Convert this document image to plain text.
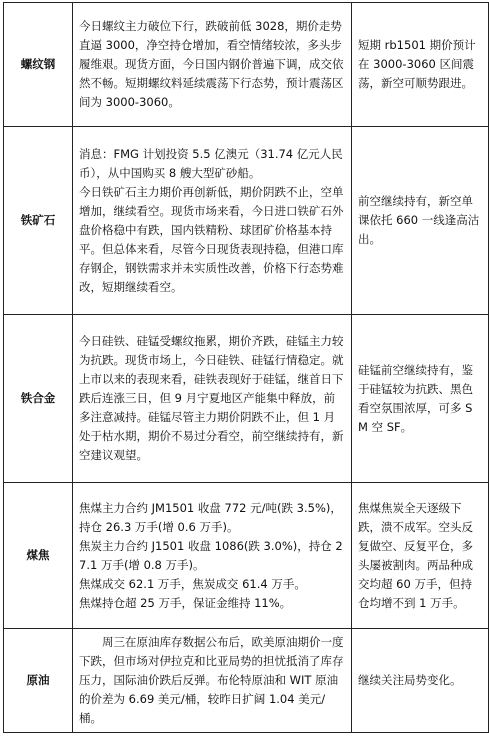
螺纹钢	今日螺纹主力破位下行，跌破前低 3028，期价走势直逼 3000，净空持仓增加，看空情绪较浓，多头步履维艰。现货方面，今日国内钢价普遍下调，成交依然不畅。短期螺纹料延续震荡下行态势，预计震荡区间为 3000-3060。	短期 rb1501 期价预计在 3000-3060 区间震荡，新空可顺势跟进。
铁矿石	消息：FMG 计划投资 5.5 亿澳元（31.74 亿元人民币），从中国购买 8 艘大型矿砂船。

今日铁矿石主力期价再创新低，期价阴跌不止，空单增加，继续看空。现货市场来看，今日进口铁矿石外盘价格稳中有跌，国内铁精粉、球团矿价格基本持平。但总体来看，尽管今日现货表现持稳，但港口库存钢企，钢铁需求并未实质性改善，价格下行态势难改，短期继续看空。	前空继续持有，新空单课依托 660 一线逢高沽出。
铁合金	今日硅铁、硅锰受螺纹拖累，期价齐跌，硅锰主力较为抗跌。现货市场上，今日硅铁、硅锰行情稳定。就上市以来的表现来看，硅铁表现好于硅锰，继首日下跌后连涨三日，但 9 月宁夏地区产能集中释放，前多注意减持。硅锰尽管主力期价阴跌不止，但 1 月处于枯水期，期价不易过分看空，前空继续持有，新空建议观望。	硅锰前空继续持有，鉴于硅锰较为抗跌、黑色看空氛围浓厚，可多 SM 空 SF。
煤焦	焦煤主力合约 JM1501 收盘 772 元/吨(跌 3.5%)，持仓 26.3 万手(增 0.6 万手)。

焦炭主力合约 J1501 收盘 1086(跌 3.0%)，持仓 27.1 万手(增 0.8 万手)。

焦煤成交 62.1 万手，焦炭成交 61.4 万手。

焦煤持仓超 25 万手，保证金维持 11%。	焦煤焦炭全天逐级下跌，溃不成军。空头反复做空、反复平仓，多头屡被割肉。两品种成交均超 60 万手，但持仓均增不到 1 万手。
原油	周三在原油库存数据公布后，欧美原油期价一度下跌，但市场对伊拉克和比亚局势的担忧抵消了库存压力，国际油价跌后反弹。布伦特原油和 WIT 原油的价差为 6.69 美元/桶，较昨日扩阔 1.04 美元/桶。	继续关注局势变化。
